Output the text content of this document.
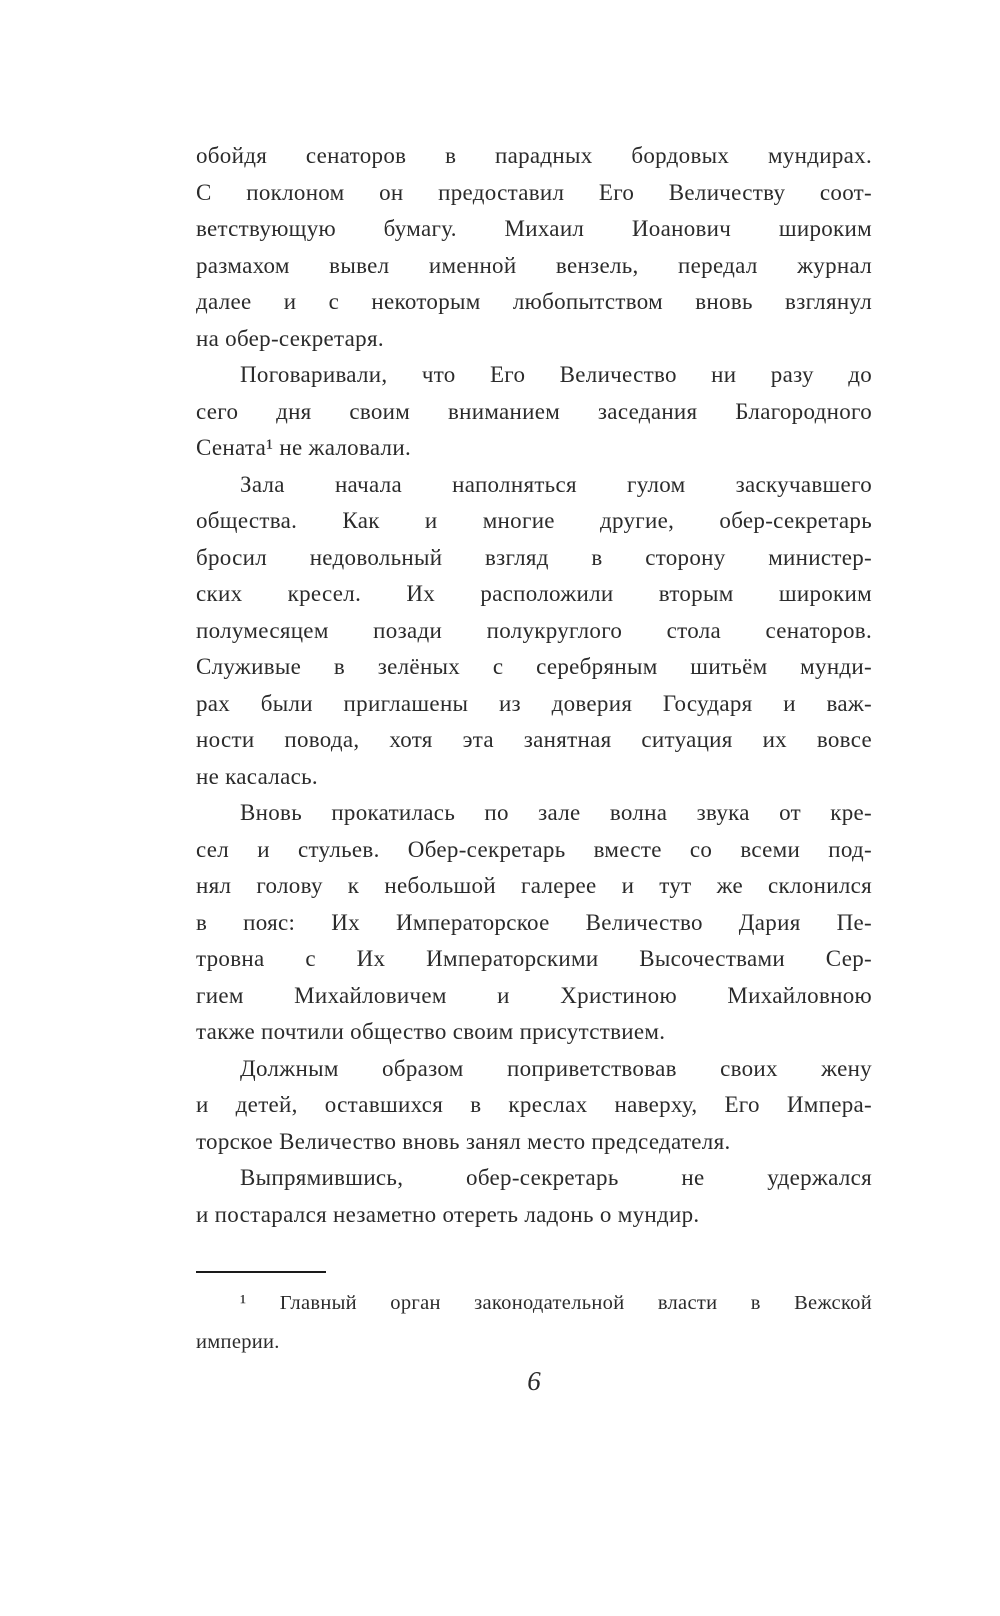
обойдя сенаторов в парадных бордовых мундирах.
С поклоном он предоставил Его Величеству соот-
ветствующую бумагу. Михаил Иоанович широким
размахом вывел именной вензель, передал журнал
далее и с некоторым любопытством вновь взглянул
на обер-секретаря.
Поговаривали, что Его Величество ни разу до
сего дня своим вниманием заседания Благородного
Сената¹ не жаловали.
Зала начала наполняться гулом заскучавшего
общества. Как и многие другие, обер-секретарь
бросил недовольный взгляд в сторону министер-
ских кресел. Их расположили вторым широким
полумесяцем позади полукруглого стола сенаторов.
Служивые в зелёных с серебряным шитьём мунди-
рах были приглашены из доверия Государя и важ-
ности повода, хотя эта занятная ситуация их вовсе
не касалась.
Вновь прокатилась по зале волна звука от кре-
сел и стульев. Обер-секретарь вместе со всеми под-
нял голову к небольшой галерее и тут же склонился
в пояс: Их Императорское Величество Дария Пе-
тровна с Их Императорскими Высочествами Сер-
гием Михайловичем и Христиною Михайловною
также почтили общество своим присутствием.
Должным образом поприветствовав своих жену
и детей, оставшихся в креслах наверху, Его Импера-
торское Величество вновь занял место председателя.
Выпрямившись, обер-секретарь не удержался
и постарался незаметно отереть ладонь о мундир.
¹ Главный орган законодательной власти в Вежской
империи.
6
